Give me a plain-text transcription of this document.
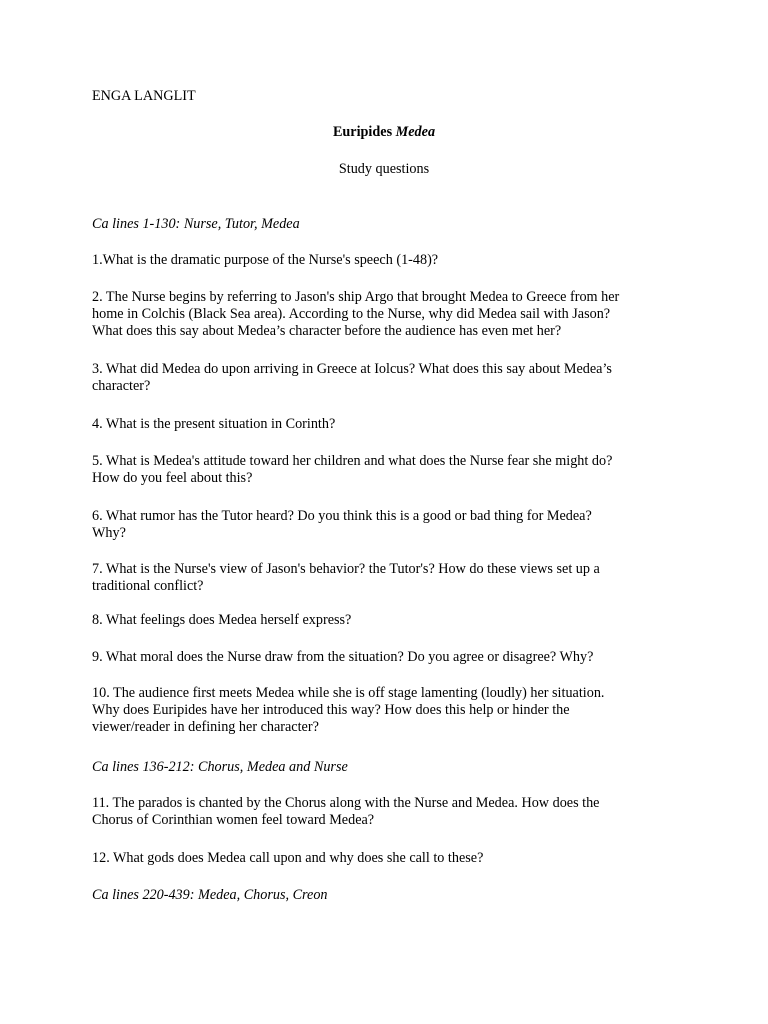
ENGA LANGLIT

Euripides Medea

Study questions

Ca lines 1-130: Nurse, Tutor, Medea

1.What is the dramatic purpose of the Nurse's speech (1-48)?

2. The Nurse begins by referring to Jason's ship Argo that brought Medea to Greece from her
home in Colchis (Black Sea area). According to the Nurse, why did Medea sail with Jason?
What does this say about Medea’s character before the audience has even met her?

3. What did Medea do upon arriving in Greece at Iolcus? What does this say about Medea’s
character?

4. What is the present situation in Corinth?

5. What is Medea's attitude toward her children and what does the Nurse fear she might do?
How do you feel about this?

6. What rumor has the Tutor heard? Do you think this is a good or bad thing for Medea?
Why?

7. What is the Nurse's view of Jason's behavior? the Tutor's? How do these views set up a
traditional conflict?

8. What feelings does Medea herself express?

9. What moral does the Nurse draw from the situation? Do you agree or disagree? Why?

10. The audience first meets Medea while she is off stage lamenting (loudly) her situation.
Why does Euripides have her introduced this way? How does this help or hinder the
viewer/reader in defining her character?

Ca lines 136-212: Chorus, Medea and Nurse

11. The parados is chanted by the Chorus along with the Nurse and Medea. How does the
Chorus of Corinthian women feel toward Medea?

12. What gods does Medea call upon and why does she call to these?

Ca lines 220-439: Medea, Chorus, Creon
